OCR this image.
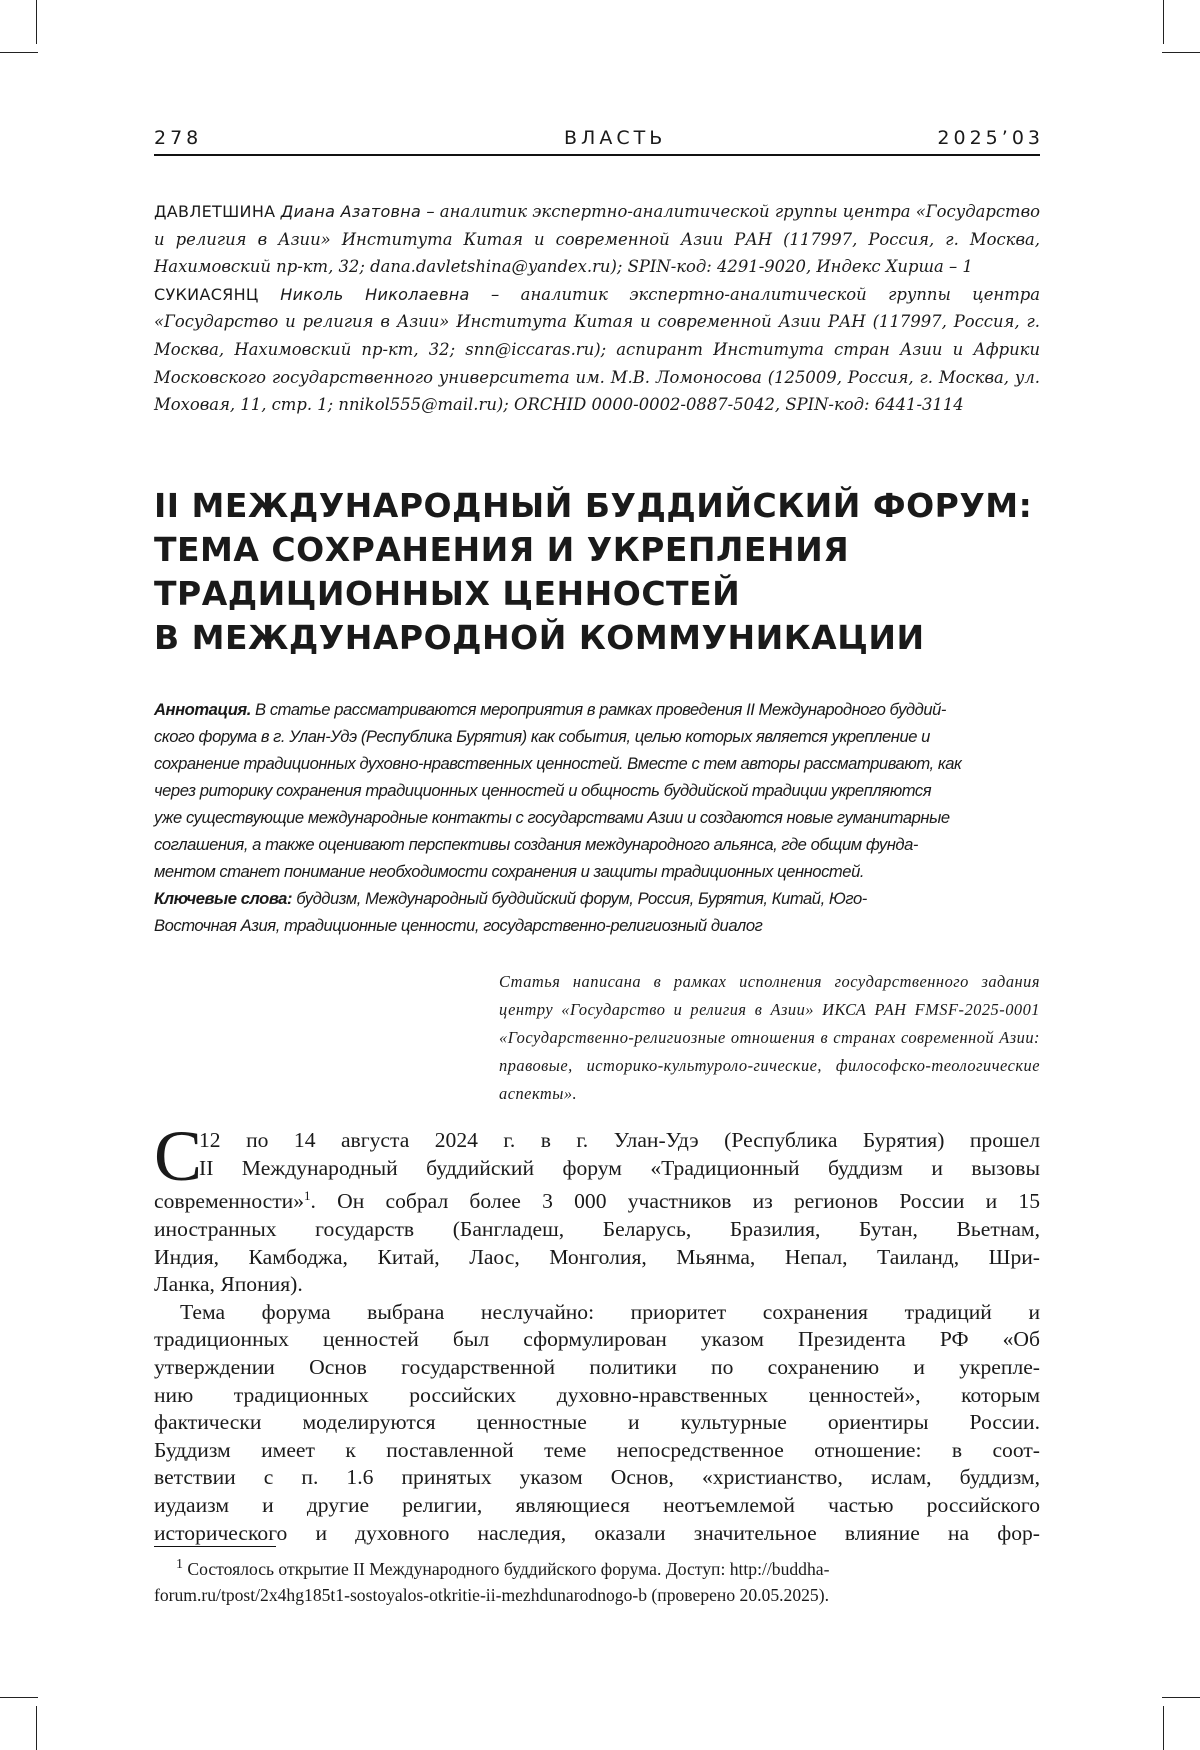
278	ВЛАСТЬ	2025’03

ДАВЛЕТШИНА Диана Азатовна – аналитик экспертно-аналитической группы центра «Государство и религия в Азии» Института Китая и современной Азии РАН (117997, Россия, г. Москва, Нахимовский пр-кт, 32; dana.davletshina@yandex.ru); SPIN-код: 4291-9020, Индекс Хирша – 1

СУКИАСЯНЦ Николь Николаевна – аналитик экспертно-аналитической группы центра «Государство и религия в Азии» Института Китая и современной Азии РАН (117997, Россия, г. Москва, Нахимовский пр-кт, 32; snn@iccaras.ru); аспирант Института стран Азии и Африки Московского государственного университета им. М.В. Ломоносова (125009, Россия, г. Москва, ул. Моховая, 11, стр. 1; nnikol555@mail.ru); ORCHID 0000-0002-0887-5042, SPIN-код: 6441-3114

II МЕЖДУНАРОДНЫЙ БУДДИЙСКИЙ ФОРУМ:
ТЕМА СОХРАНЕНИЯ И УКРЕПЛЕНИЯ
ТРАДИЦИОННЫХ ЦЕННОСТЕЙ
В МЕЖДУНАРОДНОЙ КОММУНИКАЦИИ
Аннотация. В статье рассматриваются мероприятия в рамках проведения II Международного буддий-
ского форума в г. Улан-Удэ (Республика Бурятия) как события, целью которых является укрепление и
сохранение традиционных духовно-нравственных ценностей. Вместе с тем авторы рассматривают, как
через риторику сохранения традиционных ценностей и общность буддийской традиции укрепляются
уже существующие международные контакты с государствами Азии и создаются новые гуманитарные
соглашения, а также оценивают перспективы создания международного альянса, где общим фунда-
ментом станет понимание необходимости сохранения и защиты традиционных ценностей.
Ключевые слова: буддизм, Международный буддийский форум, Россия, Бурятия, Китай, Юго-
Восточная Азия, традиционные ценности, государственно-религиозный диалог
Статья написана в рамках исполнения государственного задания центру «Государство и религия в Азии» ИКСА РАН FMSF-2025-0001 «Государственно-религиозные отношения в странах современной Азии: правовые, историко-культуроло-гические, философско-теологические аспекты».
С
12 по 14 августа 2024 г. в г. Улан-Удэ (Республика Бурятия) прошел
II Международный буддийский форум «Традиционный буддизм и вызовы
современности»1. Он собрал более 3 000 участников из регионов России и 15
иностранных государств (Бангладеш, Беларусь, Бразилия, Бутан, Вьетнам,
Индия, Камбоджа, Китай, Лаос, Монголия, Мьянма, Непал, Таиланд, Шри-
Ланка, Япония).
Тема форума выбрана неслучайно: приоритет сохранения традиций и
традиционных ценностей был сформулирован указом Президента РФ «Об
утверждении Основ государственной политики по сохранению и укрепле-
нию традиционных российских духовно-нравственных ценностей», которым
фактически моделируются ценностные и культурные ориентиры России.
Буддизм имеет к поставленной теме непосредственное отношение: в соот-
ветствии с п. 1.6 принятых указом Основ, «христианство, ислам, буддизм,
иудаизм и другие религии, являющиеся неотъемлемой частью российского
исторического и духовного наследия, оказали значительное влияние на фор-
1 Состоялось открытие II Международного буддийского форума. Доступ: http://buddha-
forum.ru/tpost/2x4hg185t1-sostoyalos-otkritie-ii-mezhdunarodnogo-b (проверено 20.05.2025).
